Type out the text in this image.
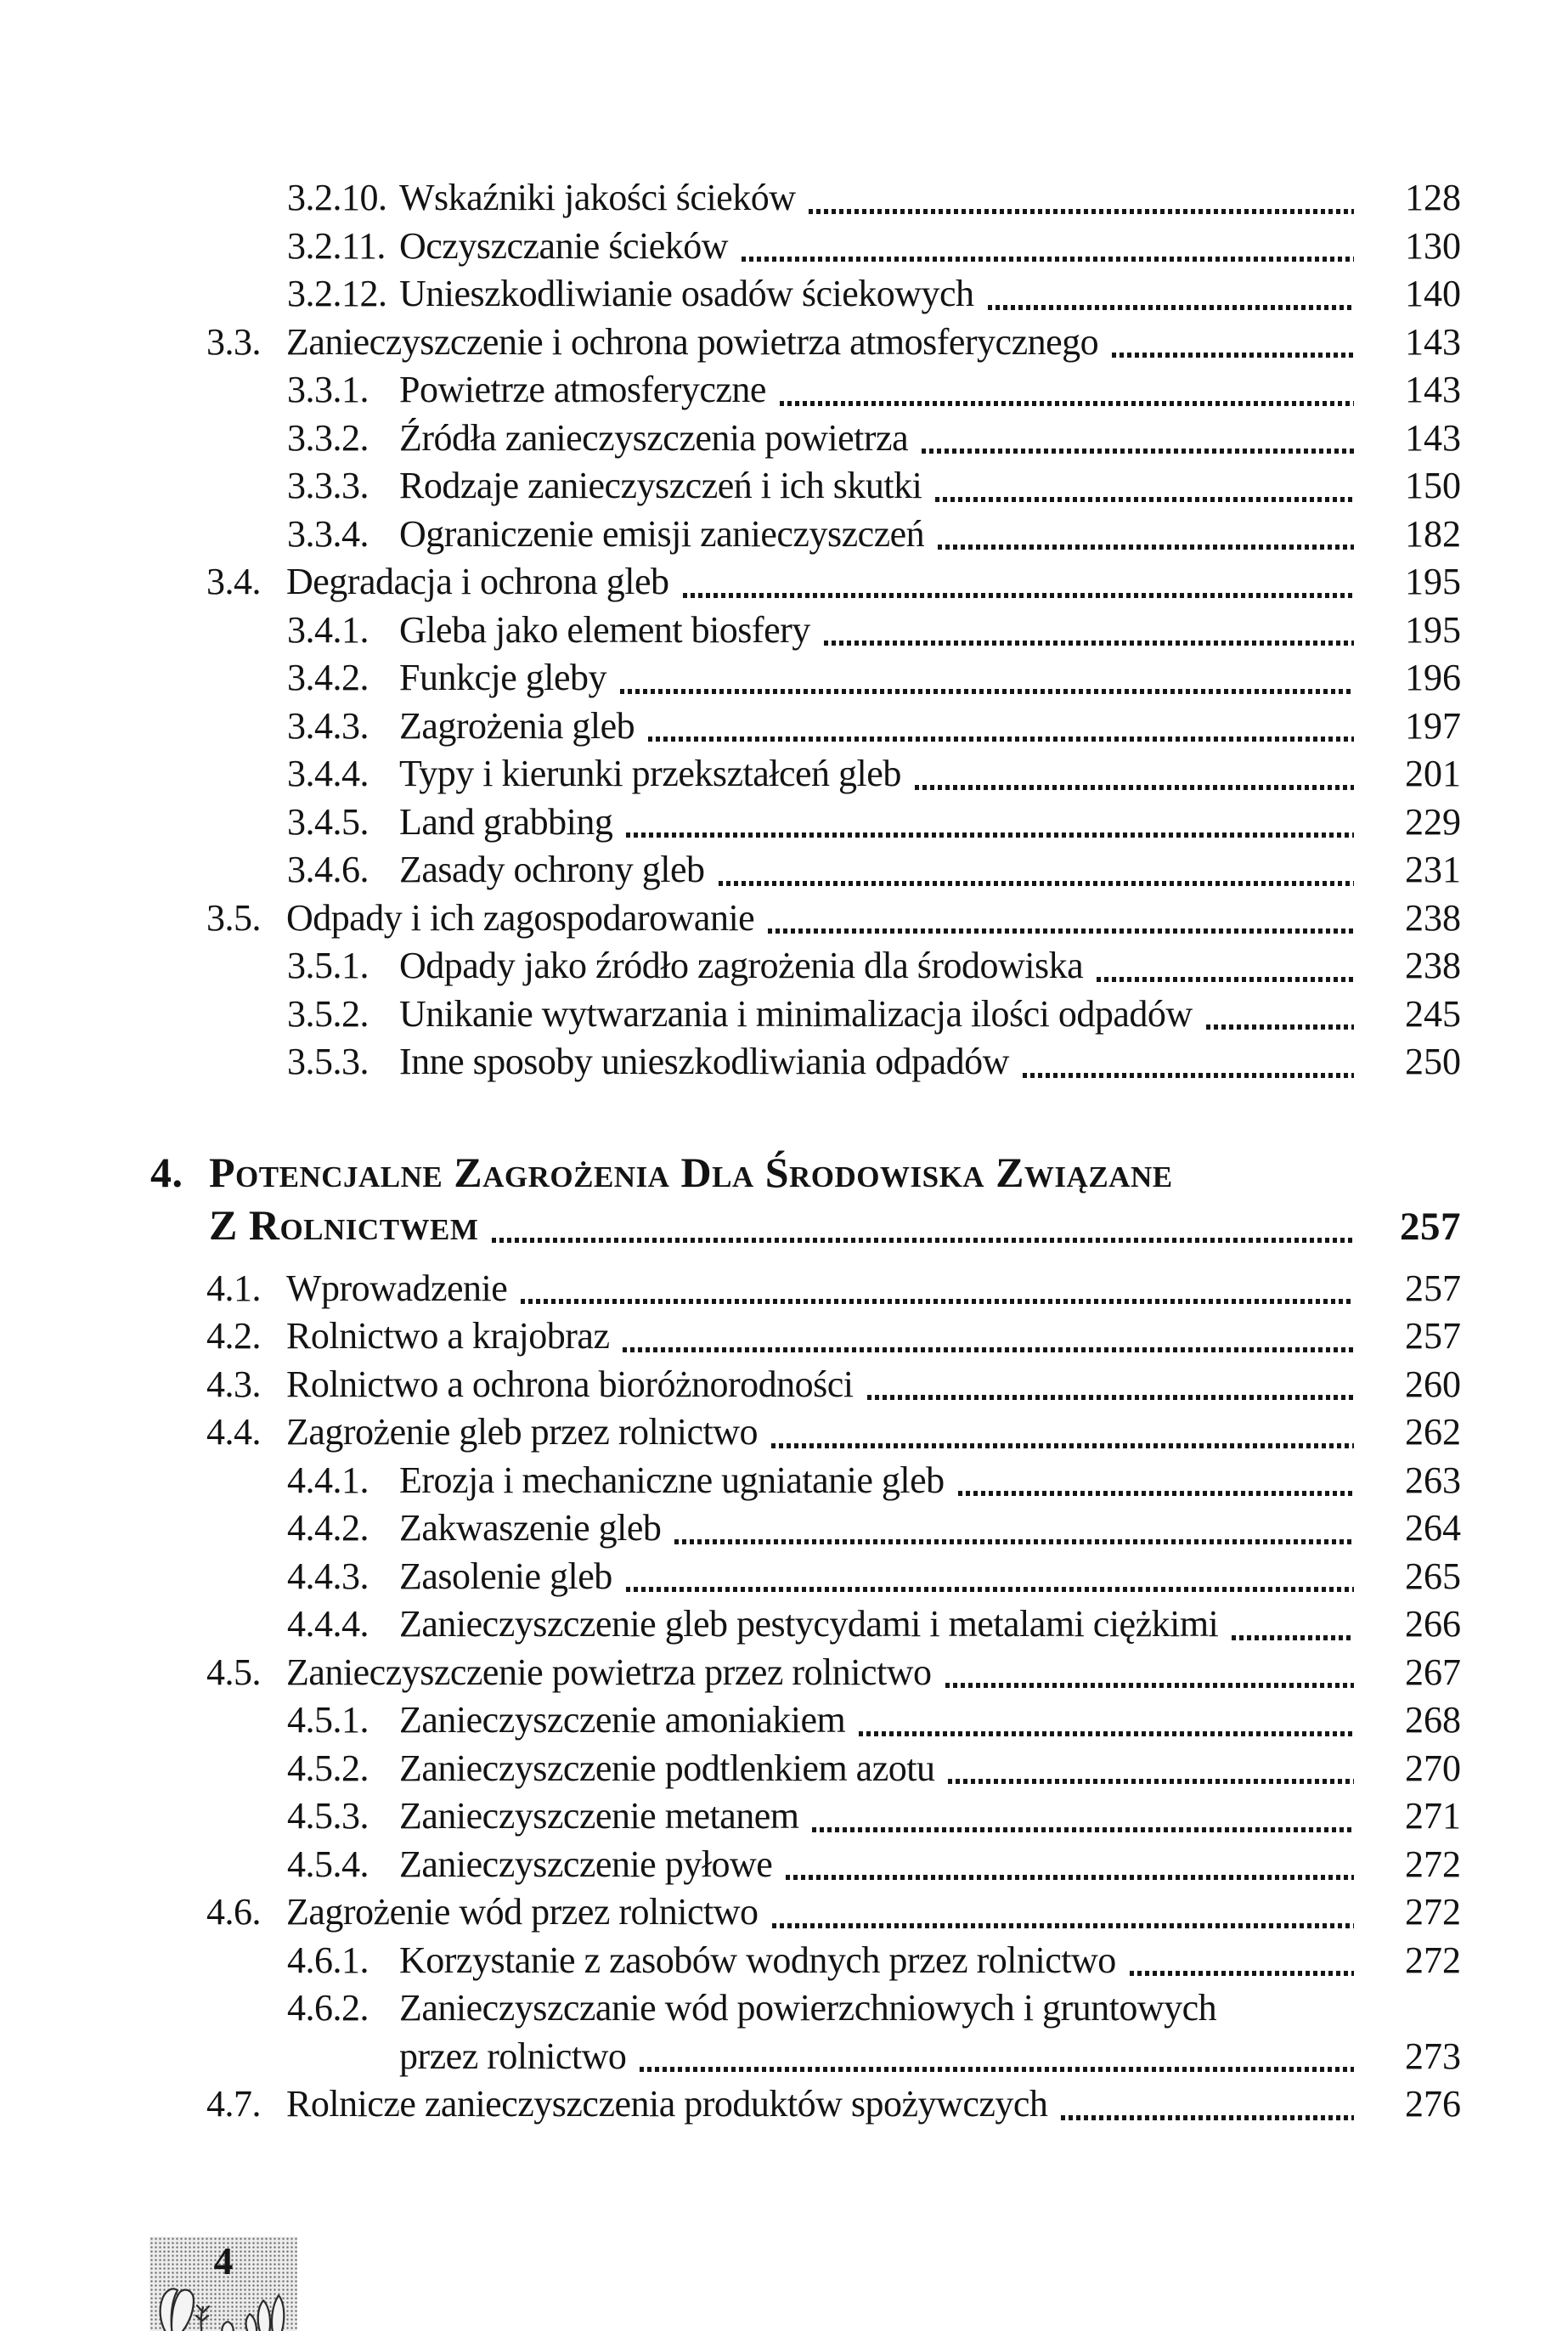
3.2.10. Wskaźniki jakości ścieków	128
3.2.11. Oczyszczanie ścieków	130
3.2.12. Unieszkodliwianie osadów ściekowych	140
3.3. Zanieczyszczenie i ochrona powietrza atmosferycznego	143
3.3.1. Powietrze atmosferyczne	143
3.3.2. Źródła zanieczyszczenia powietrza	143
3.3.3. Rodzaje zanieczyszczeń i ich skutki	150
3.3.4. Ograniczenie emisji zanieczyszczeń	182
3.4. Degradacja i ochrona gleb	195
3.4.1. Gleba jako element biosfery	195
3.4.2. Funkcje gleby	196
3.4.3. Zagrożenia gleb	197
3.4.4. Typy i kierunki przekształceń gleb	201
3.4.5. Land grabbing	229
3.4.6. Zasady ochrony gleb	231
3.5. Odpady i ich zagospodarowanie	238
3.5.1. Odpady jako źródło zagrożenia dla środowiska	238
3.5.2. Unikanie wytwarzania i minimalizacja ilości odpadów	245
3.5.3. Inne sposoby unieszkodliwiania odpadów	250
4. Potencjalne Zagrożenia Dla Środowiska Związane
Z Rolnictwem	257
4.1. Wprowadzenie	257
4.2. Rolnictwo a krajobraz	257
4.3. Rolnictwo a ochrona bioróżnorodności	260
4.4. Zagrożenie gleb przez rolnictwo	262
4.4.1. Erozja i mechaniczne ugniatanie gleb	263
4.4.2. Zakwaszenie gleb	264
4.4.3. Zasolenie gleb	265
4.4.4. Zanieczyszczenie gleb pestycydami i metalami ciężkimi	266
4.5. Zanieczyszczenie powietrza przez rolnictwo	267
4.5.1. Zanieczyszczenie amoniakiem	268
4.5.2. Zanieczyszczenie podtlenkiem azotu	270
4.5.3. Zanieczyszczenie metanem	271
4.5.4. Zanieczyszczenie pyłowe	272
4.6. Zagrożenie wód przez rolnictwo	272
4.6.1. Korzystanie z zasobów wodnych przez rolnictwo	272
4.6.2. Zanieczyszczanie wód powierzchniowych i gruntowych
przez rolnictwo	273
4.7. Rolnicze zanieczyszczenia produktów spożywczych	276
4
